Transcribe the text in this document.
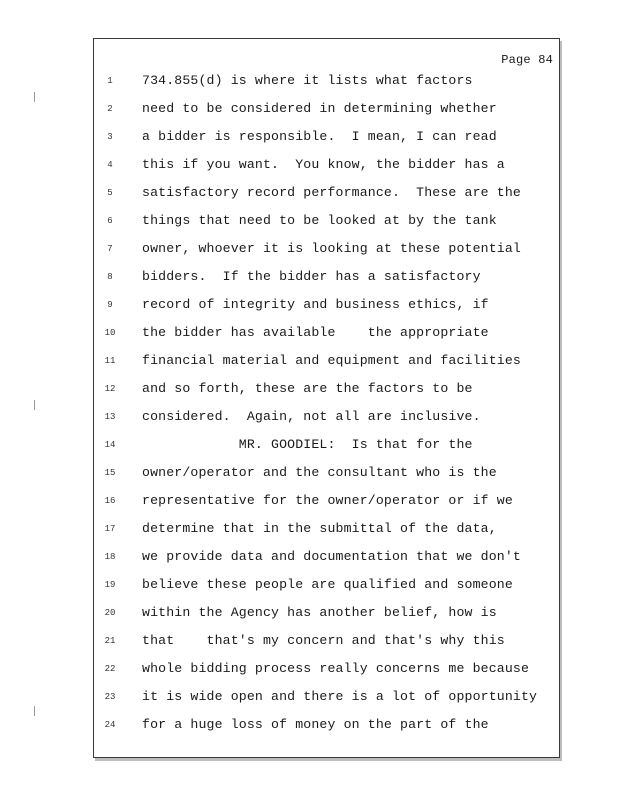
Page 84
1	734.855(d) is where it lists what factors
2	need to be considered in determining whether
3	a bidder is responsible.  I mean, I can read
4	this if you want.  You know, the bidder has a
5	satisfactory record performance.  These are the
6	things that need to be looked at by the tank
7	owner, whoever it is looking at these potential
8	bidders.  If the bidder has a satisfactory
9	record of integrity and business ethics, if
10	the bidder has available    the appropriate
11	financial material and equipment and facilities
12	and so forth, these are the factors to be
13	considered.  Again, not all are inclusive.
14	MR. GOODIEL:  Is that for the
15	owner/operator and the consultant who is the
16	representative for the owner/operator or if we
17	determine that in the submittal of the data,
18	we provide data and documentation that we don't
19	believe these people are qualified and someone
20	within the Agency has another belief, how is
21	that    that's my concern and that's why this
22	whole bidding process really concerns me because
23	it is wide open and there is a lot of opportunity
24	for a huge loss of money on the part of the
